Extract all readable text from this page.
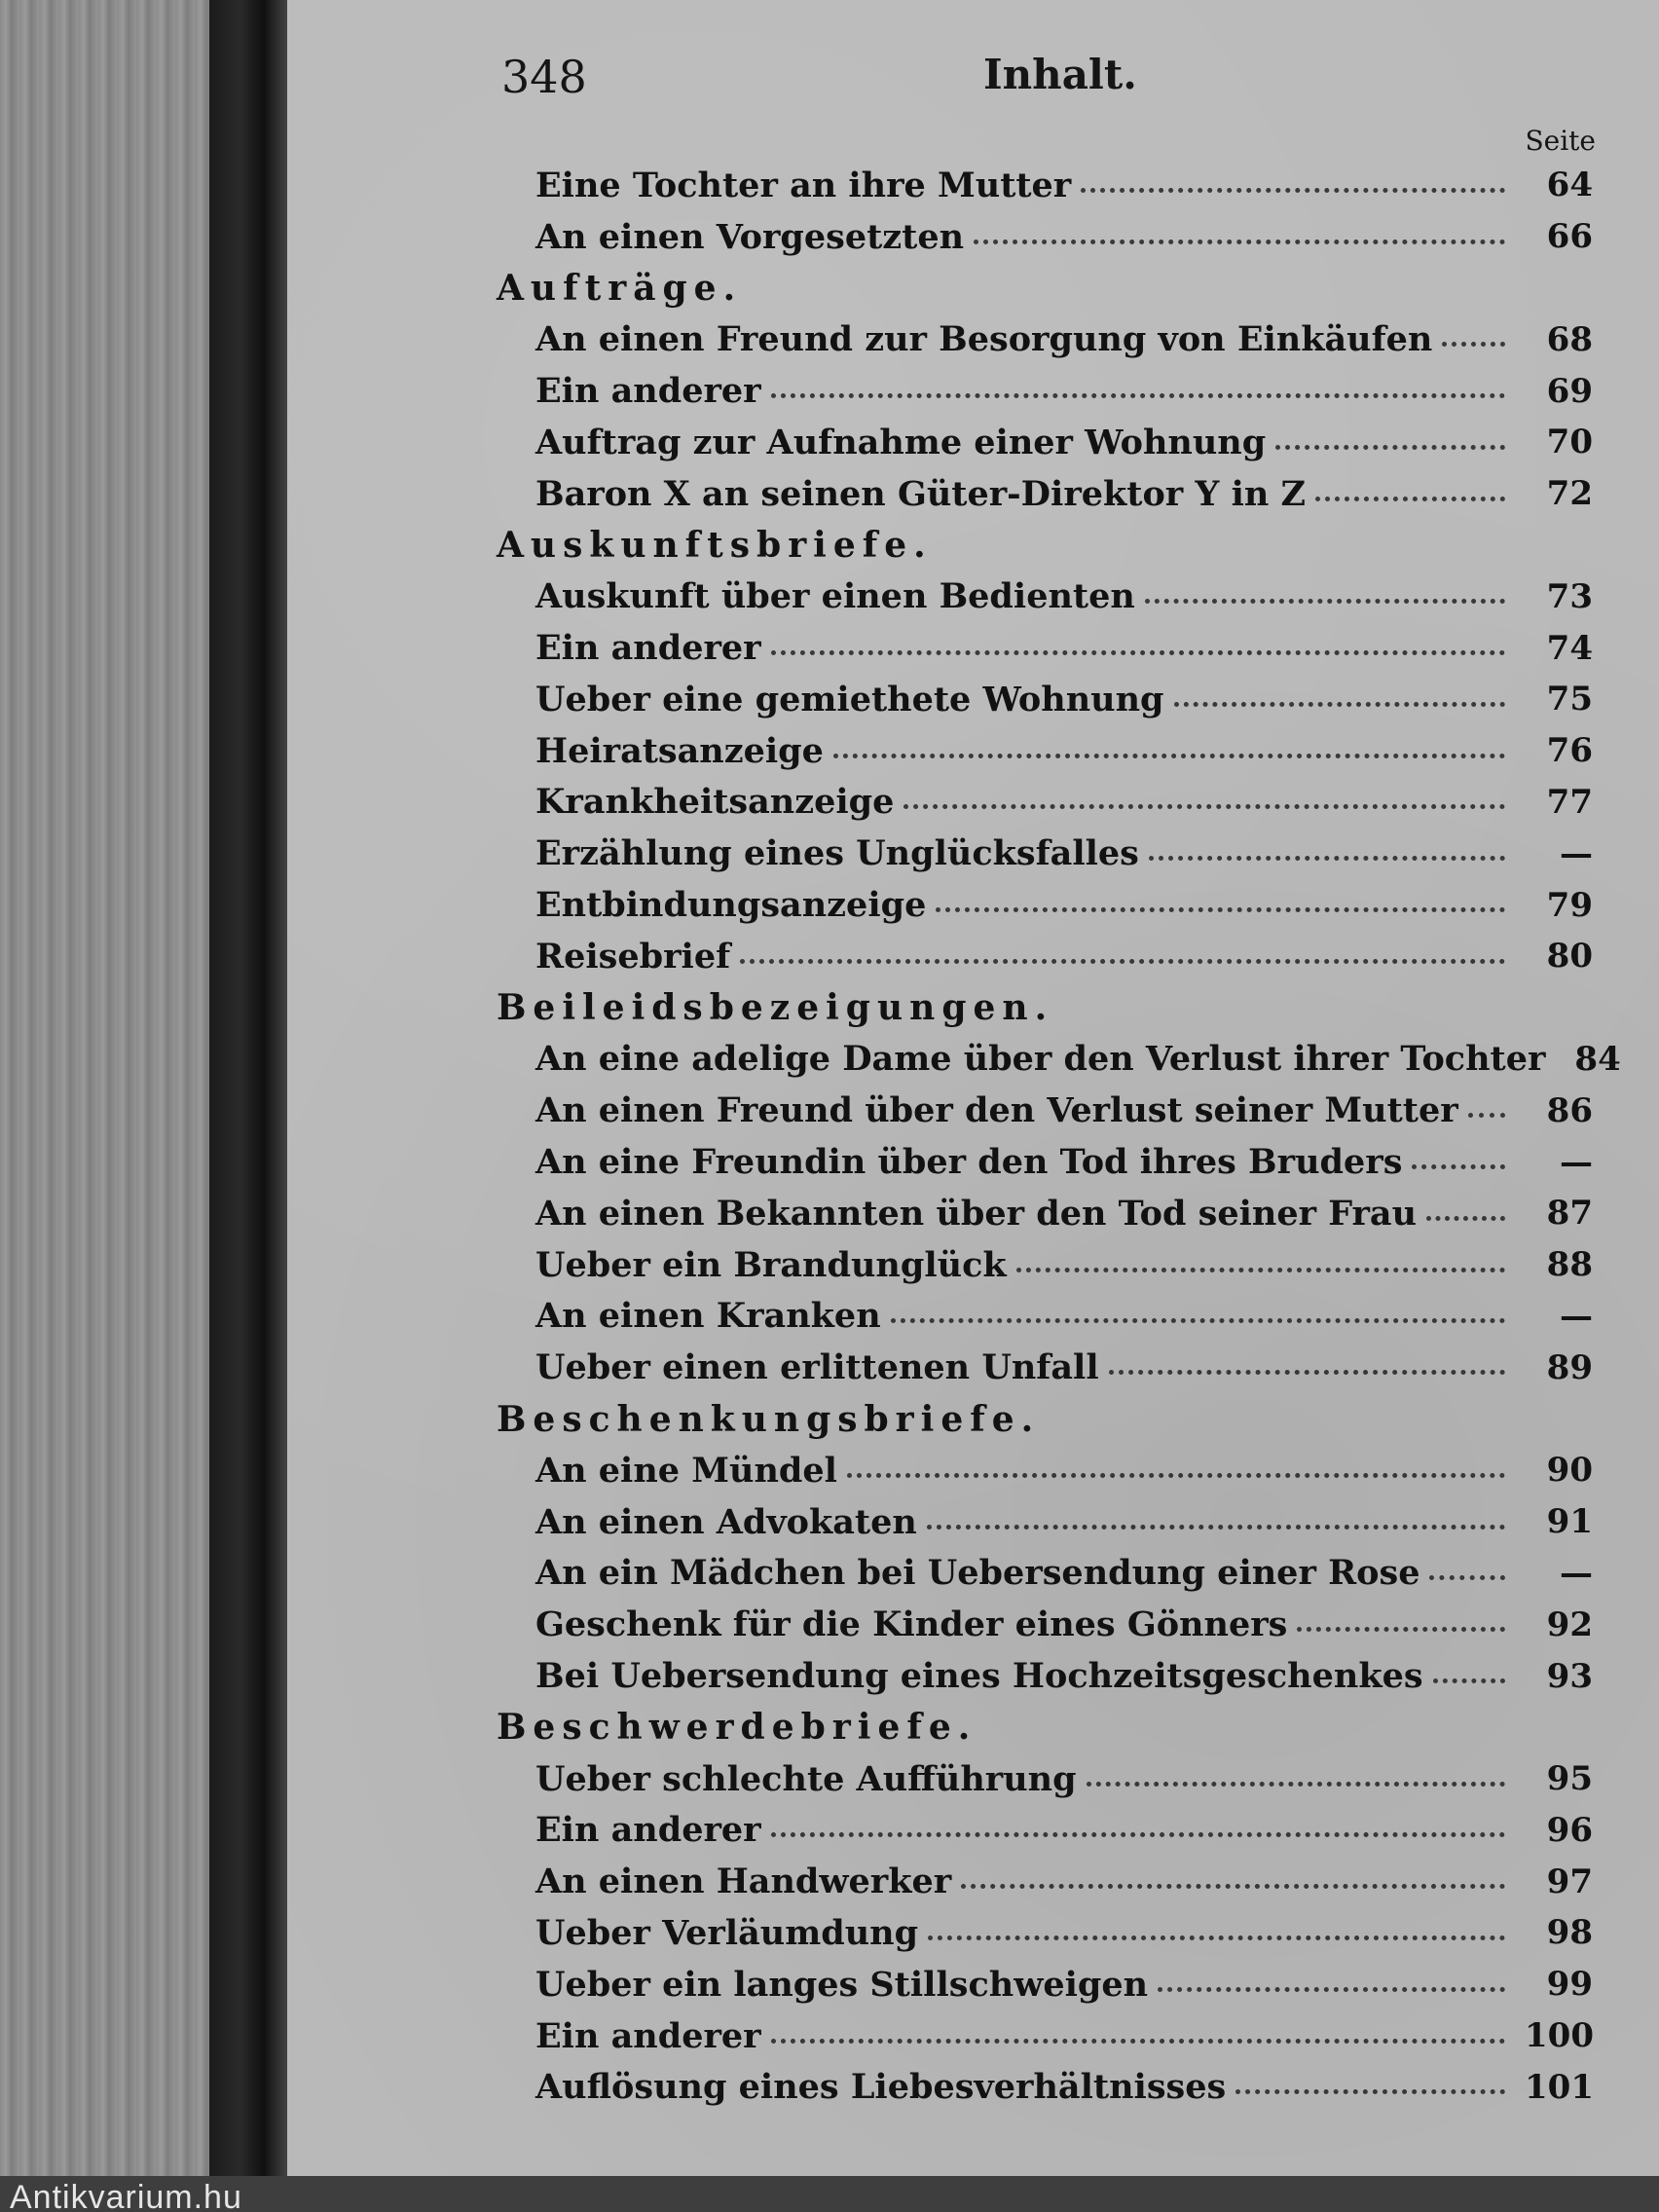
348	Inhalt.
Seite
Eine Tochter an ihre Mutter	64
An einen Vorgesetzten	66
Aufträge.
An einen Freund zur Besorgung von Einkäufen	68
Ein anderer	69
Auftrag zur Aufnahme einer Wohnung	70
Baron X an seinen Güter-Direktor Y in Z	72
Auskunftsbriefe.
Auskunft über einen Bedienten	73
Ein anderer	74
Ueber eine gemiethete Wohnung	75
Heiratsanzeige	76
Krankheitsanzeige	77
Erzählung eines Unglücksfalles	—
Entbindungsanzeige	79
Reisebrief	80
Beileidsbezeigungen.
An eine adelige Dame über den Verlust ihrer Tochter 84
An einen Freund über den Verlust seiner Mutter	86
An eine Freundin über den Tod ihres Bruders	—
An einen Bekannten über den Tod seiner Frau	87
Ueber ein Brandunglück	88
An einen Kranken	—
Ueber einen erlittenen Unfall	89
Beschenkungsbriefe.
An eine Mündel	90
An einen Advokaten	91
An ein Mädchen bei Uebersendung einer Rose	—
Geschenk für die Kinder eines Gönners	92
Bei Uebersendung eines Hochzeitsgeschenkes	93
Beschwerdebriefe.
Ueber schlechte Aufführung	95
Ein anderer	96
An einen Handwerker	97
Ueber Verläumdung	98
Ueber ein langes Stillschweigen	99
Ein anderer	100
Auflösung eines Liebesverhältnisses	101
Antikvarium.hu
